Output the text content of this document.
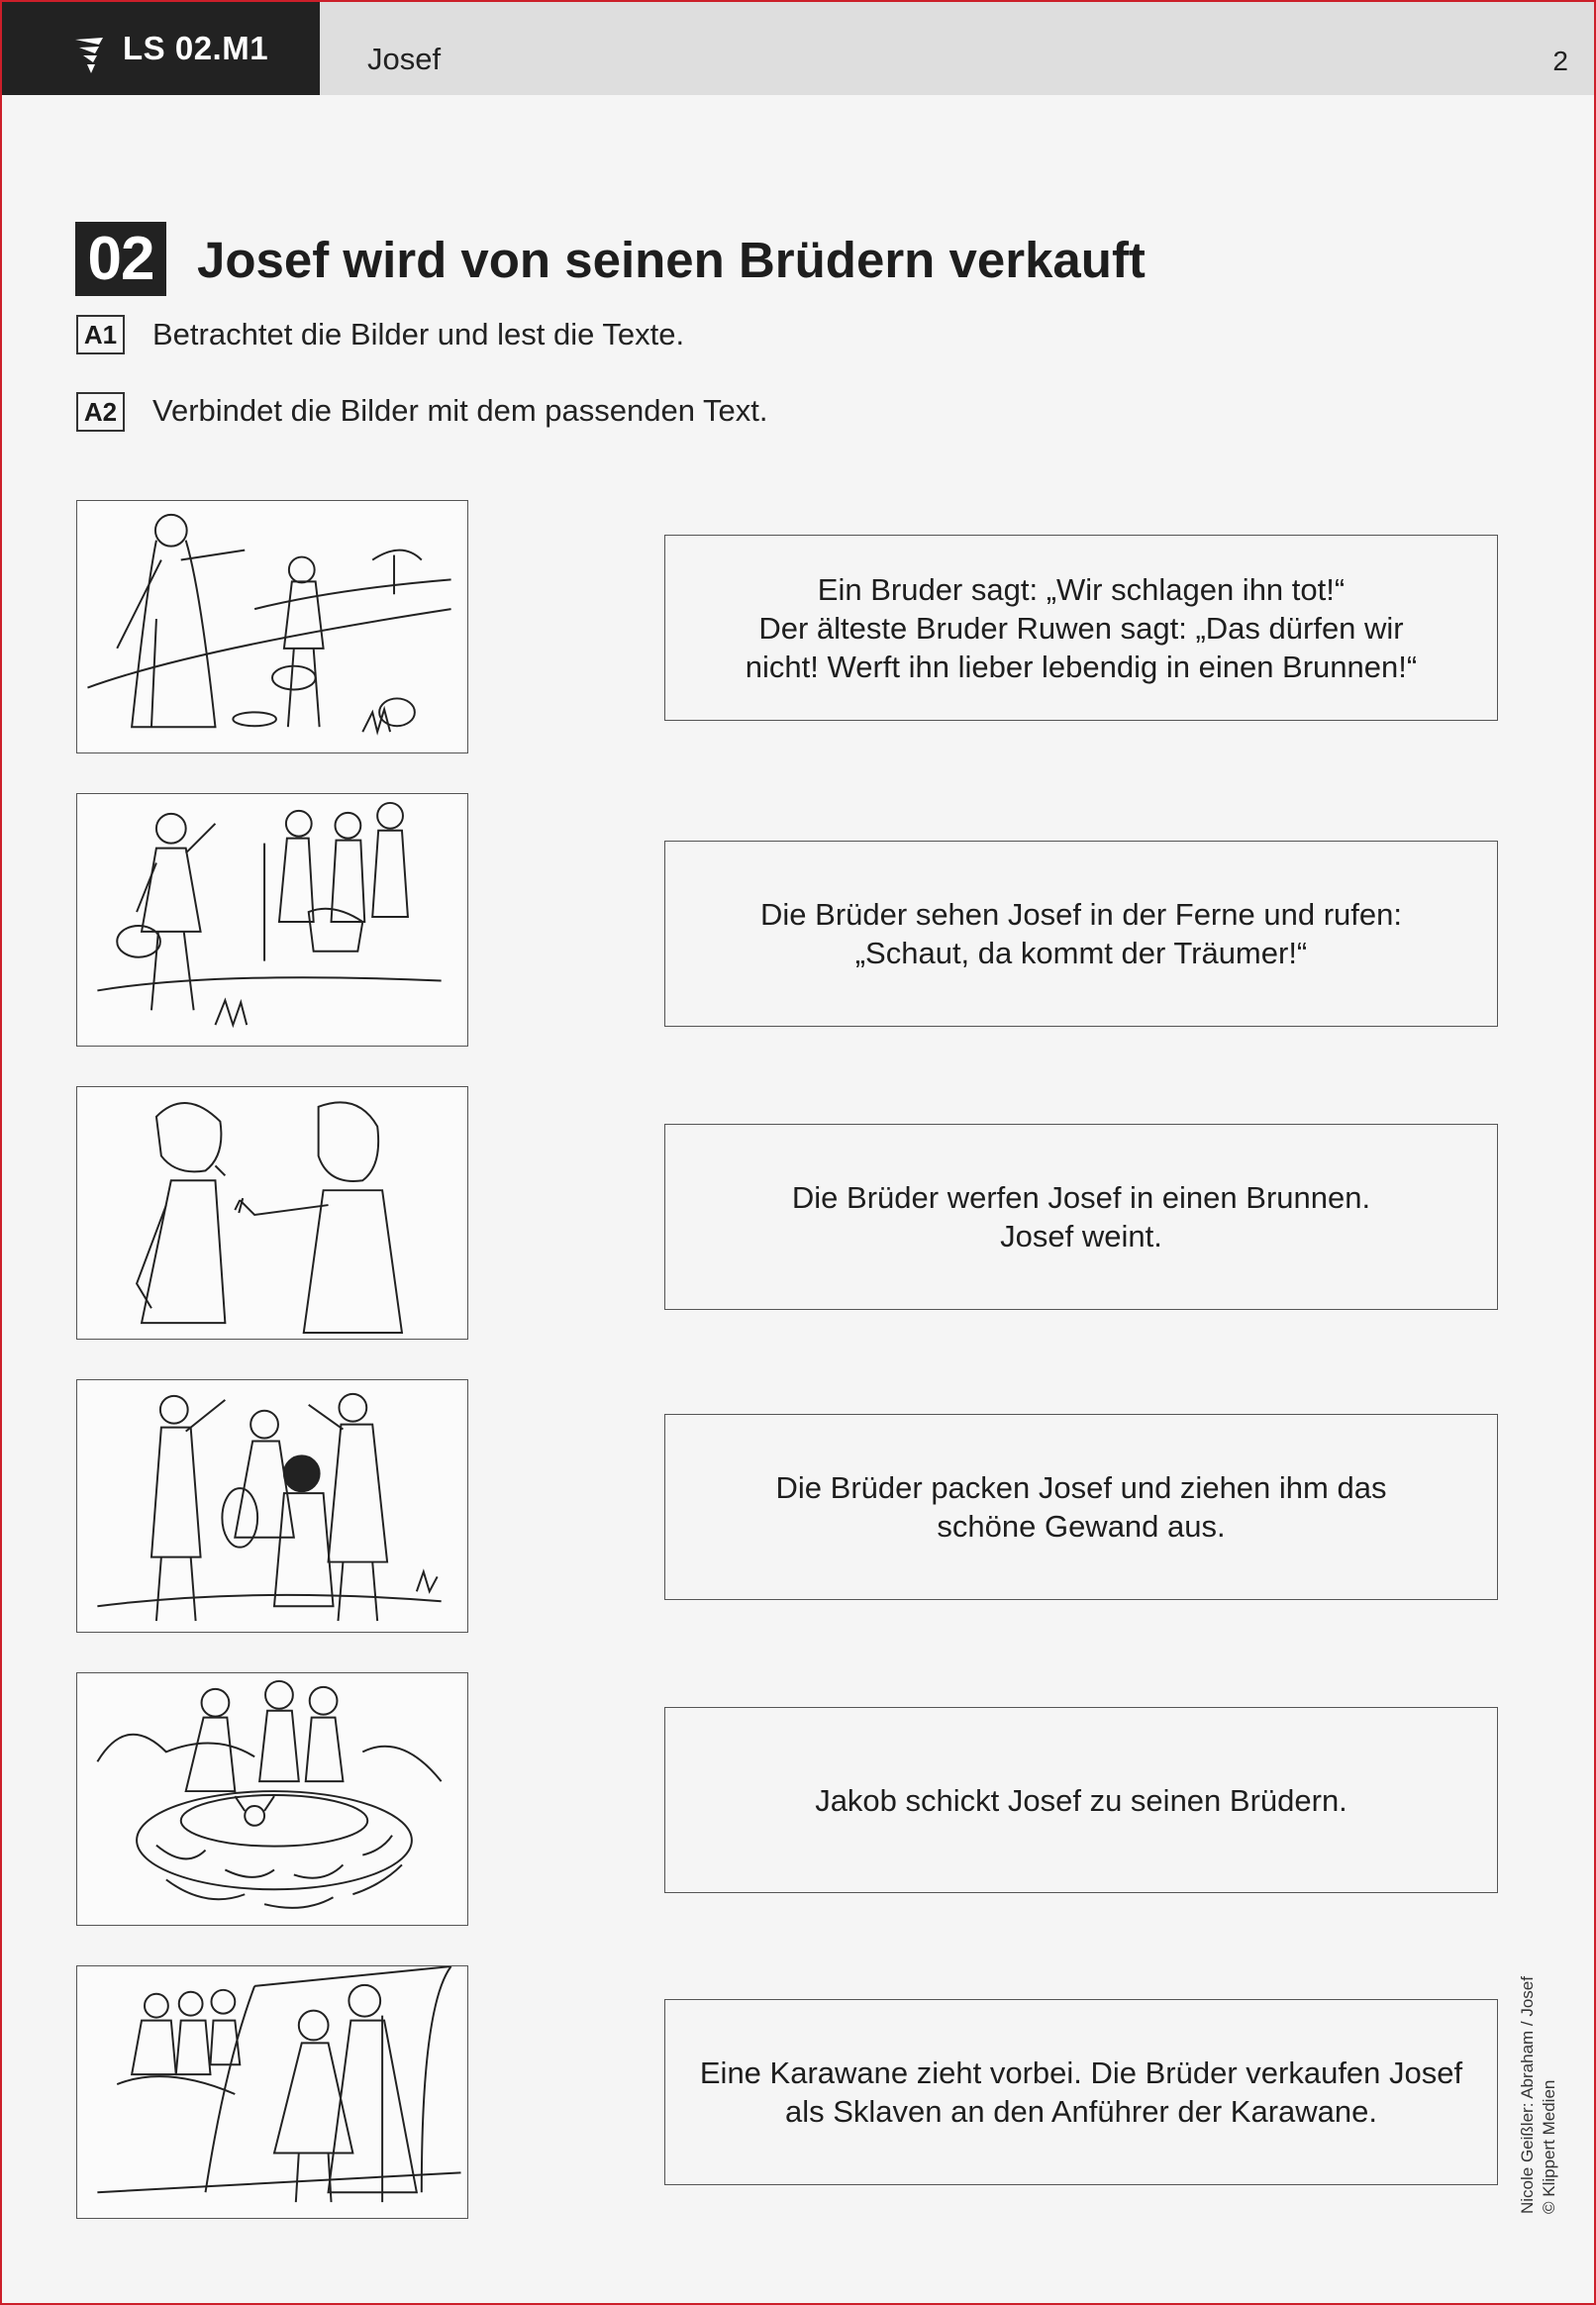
LS 02.M1	Josef	2
02 Josef wird von seinen Brüdern verkauft
A1 Betrachtet die Bilder und lest die Texte.
A2 Verbindet die Bilder mit dem passenden Text.
Ein Bruder sagt: „Wir schlagen ihn tot!“
Der älteste Bruder Ruwen sagt: „Das dürfen wir
nicht! Werft ihn lieber lebendig in einen Brunnen!“
Die Brüder sehen Josef in der Ferne und rufen:
„Schaut, da kommt der Träumer!“
Die Brüder werfen Josef in einen Brunnen.
Josef weint.
Die Brüder packen Josef und ziehen ihm das
schöne Gewand aus.
Jakob schickt Josef zu seinen Brüdern.
Eine Karawane zieht vorbei. Die Brüder verkaufen Josef
als Sklaven an den Anführer der Karawane.	Nicole Geißler: Abraham / Josef © Klippert Medien
